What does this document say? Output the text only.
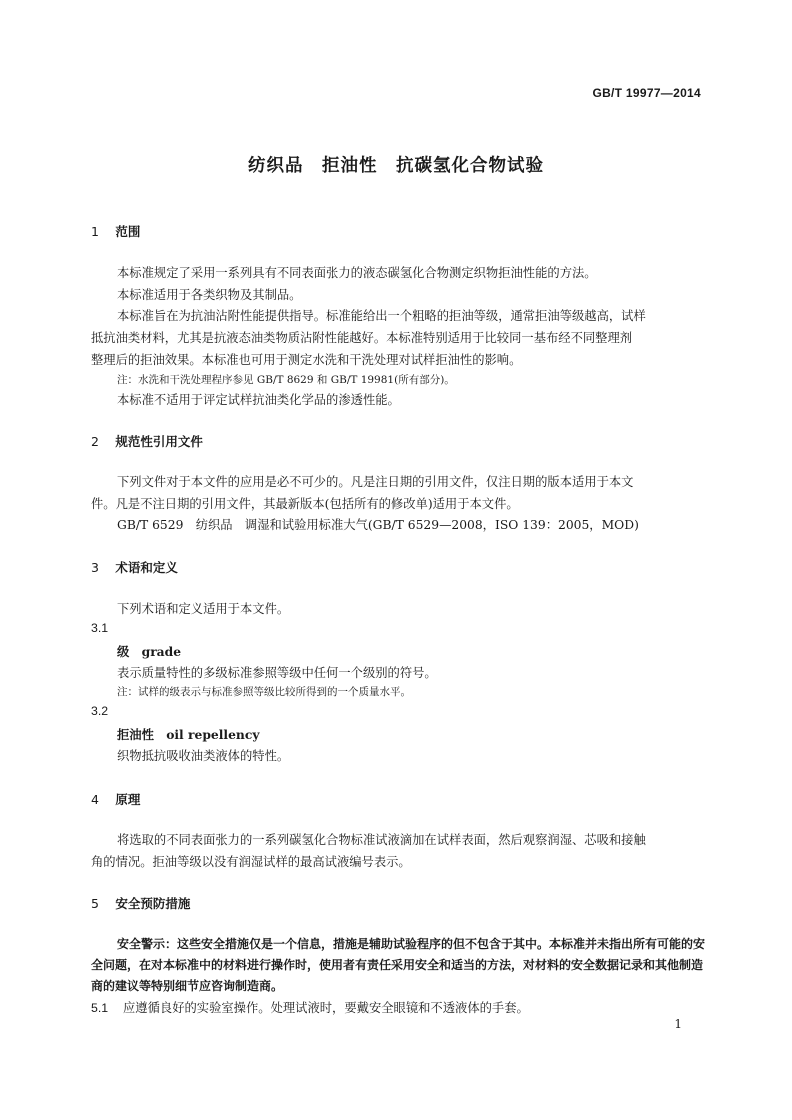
GB/T 19977—2014
纺织品　拒油性　抗碳氢化合物试验
1 范围
本标准规定了采用一系列具有不同表面张力的液态碳氢化合物测定织物拒油性能的方法。
本标准适用于各类织物及其制品。
本标准旨在为抗油沾附性能提供指导。标准能给出一个粗略的拒油等级，通常拒油等级越高，试样
抵抗油类材料，尤其是抗液态油类物质沾附性能越好。本标准特别适用于比较同一基布经不同整理剂
整理后的拒油效果。本标准也可用于测定水洗和干洗处理对试样拒油性的影响。
注：水洗和干洗处理程序参见 GB/T 8629 和 GB/T 19981(所有部分)。
本标准不适用于评定试样抗油类化学品的渗透性能。
2 规范性引用文件
下列文件对于本文件的应用是必不可少的。凡是注日期的引用文件，仅注日期的版本适用于本文
件。凡是不注日期的引用文件，其最新版本(包括所有的修改单)适用于本文件。
GB/T 6529　纺织品　调湿和试验用标准大气(GB/T 6529—2008，ISO 139：2005，MOD)
3 术语和定义
下列术语和定义适用于本文件。
3.1
级　grade
表示质量特性的多级标准参照等级中任何一个级别的符号。
注：试样的级表示与标准参照等级比较所得到的一个质量水平。
3.2
拒油性　oil repellency
织物抵抗吸收油类液体的特性。
4 原理
将选取的不同表面张力的一系列碳氢化合物标准试液滴加在试样表面，然后观察润湿、芯吸和接触
角的情况。拒油等级以没有润湿试样的最高试液编号表示。
5 安全预防措施
安全警示：这些安全措施仅是一个信息，措施是辅助试验程序的但不包含于其中。本标准并未指出所有可能的安全问题，在对本标准中的材料进行操作时，使用者有责任采用安全和适当的方法，对材料的安全数据记录和其他制造商的建议等特别细节应咨询制造商。
5.1 应遵循良好的实验室操作。处理试液时，要戴安全眼镜和不透液体的手套。
1
